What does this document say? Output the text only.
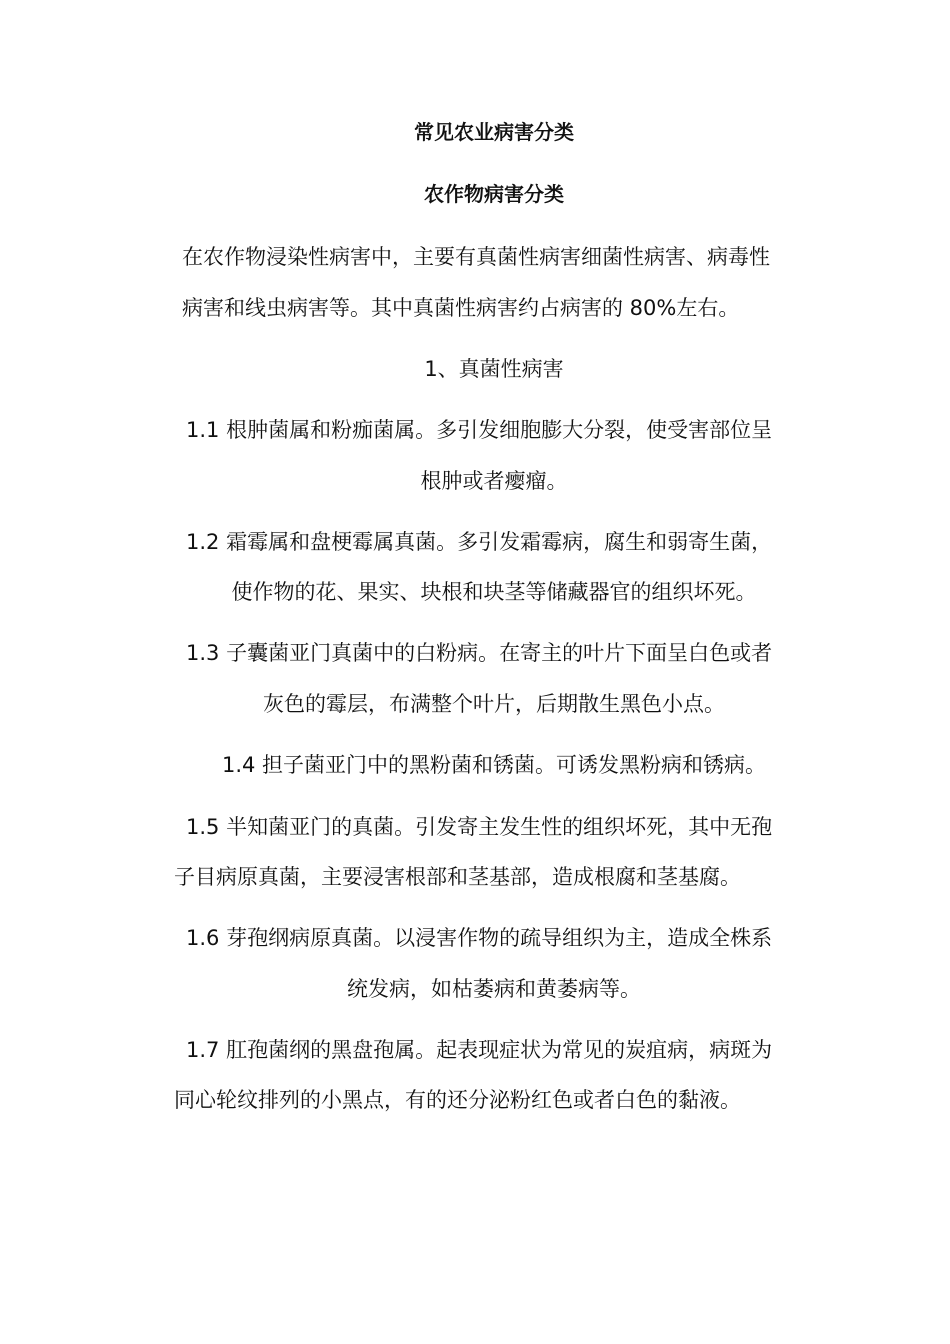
常见农业病害分类
农作物病害分类
在农作物浸染性病害中，主要有真菌性病害细菌性病害、病毒性
病害和线虫病害等。其中真菌性病害约占病害的 80%左右。
1、真菌性病害
1.1 根肿菌属和粉痂菌属。多引发细胞膨大分裂，使受害部位呈
根肿或者瘿瘤。
1.2 霜霉属和盘梗霉属真菌。多引发霜霉病，腐生和弱寄生菌，
使作物的花、果实、块根和块茎等储藏器官的组织坏死。
1.3 子囊菌亚门真菌中的白粉病。在寄主的叶片下面呈白色或者
灰色的霉层，布满整个叶片，后期散生黑色小点。
1.4 担子菌亚门中的黑粉菌和锈菌。可诱发黑粉病和锈病。
1.5 半知菌亚门的真菌。引发寄主发生性的组织坏死，其中无孢
子目病原真菌，主要浸害根部和茎基部，造成根腐和茎基腐。
1.6 芽孢纲病原真菌。以浸害作物的疏导组织为主，造成全株系
统发病，如枯萎病和黄萎病等。
1.7 肛孢菌纲的黑盘孢属。起表现症状为常见的炭疽病，病斑为
同心轮纹排列的小黑点，有的还分泌粉红色或者白色的黏液。
